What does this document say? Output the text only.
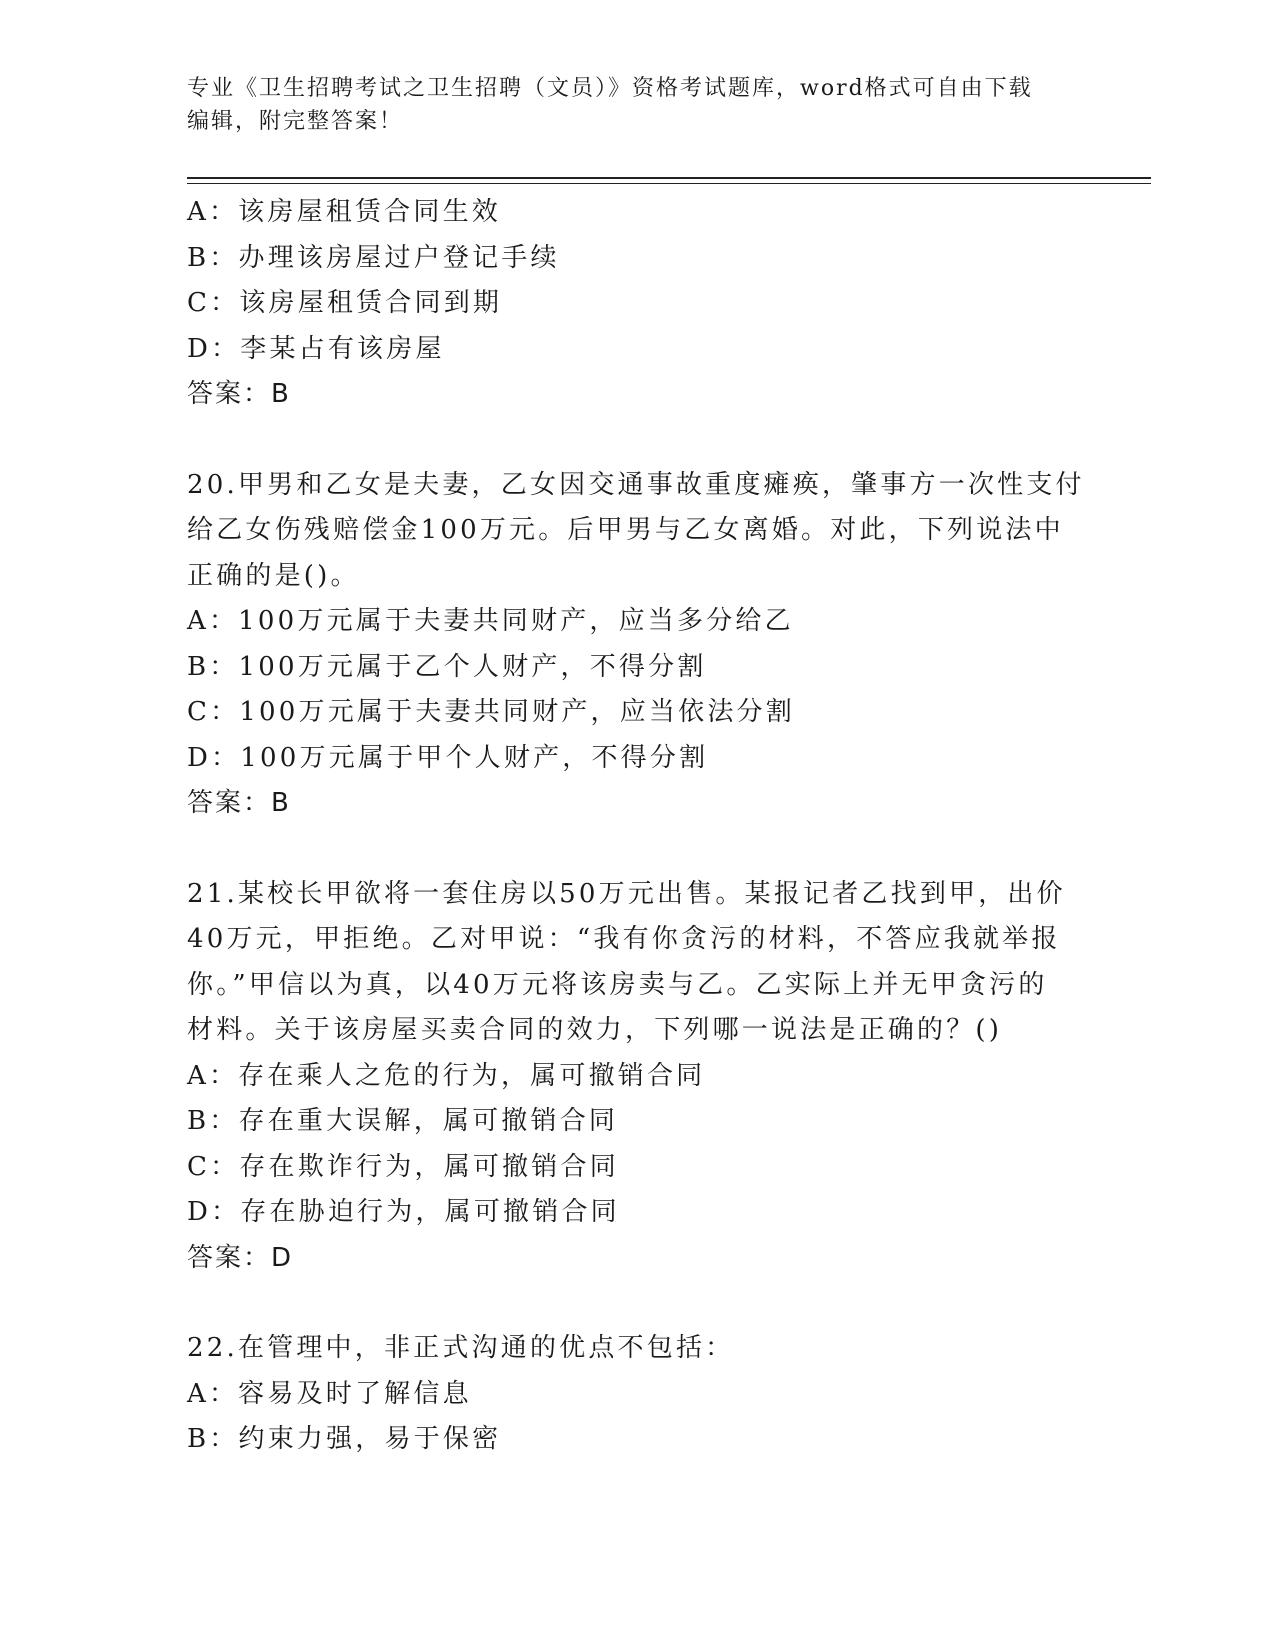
专业《卫生招聘考试之卫生招聘（文员）》资格考试题库，word格式可自由下载
编辑，附完整答案！
A：该房屋租赁合同生效
B：办理该房屋过户登记手续
C：该房屋租赁合同到期
D：李某占有该房屋
答案：B
20.甲男和乙女是夫妻，乙女因交通事故重度瘫痪，肇事方一次性支付
给乙女伤残赔偿金100万元。后甲男与乙女离婚。对此，下列说法中
正确的是()。
A：100万元属于夫妻共同财产，应当多分给乙
B：100万元属于乙个人财产，不得分割
C：100万元属于夫妻共同财产，应当依法分割
D：100万元属于甲个人财产，不得分割
答案：B
21.某校长甲欲将一套住房以50万元出售。某报记者乙找到甲，出价
40万元，甲拒绝。乙对甲说：“我有你贪污的材料，不答应我就举报
你。”甲信以为真，以40万元将该房卖与乙。乙实际上并无甲贪污的
材料。关于该房屋买卖合同的效力，下列哪一说法是正确的？()
A：存在乘人之危的行为，属可撤销合同
B：存在重大误解，属可撤销合同
C：存在欺诈行为，属可撤销合同
D：存在胁迫行为，属可撤销合同
答案：D
22.在管理中，非正式沟通的优点不包括：
A：容易及时了解信息
B：约束力强，易于保密
